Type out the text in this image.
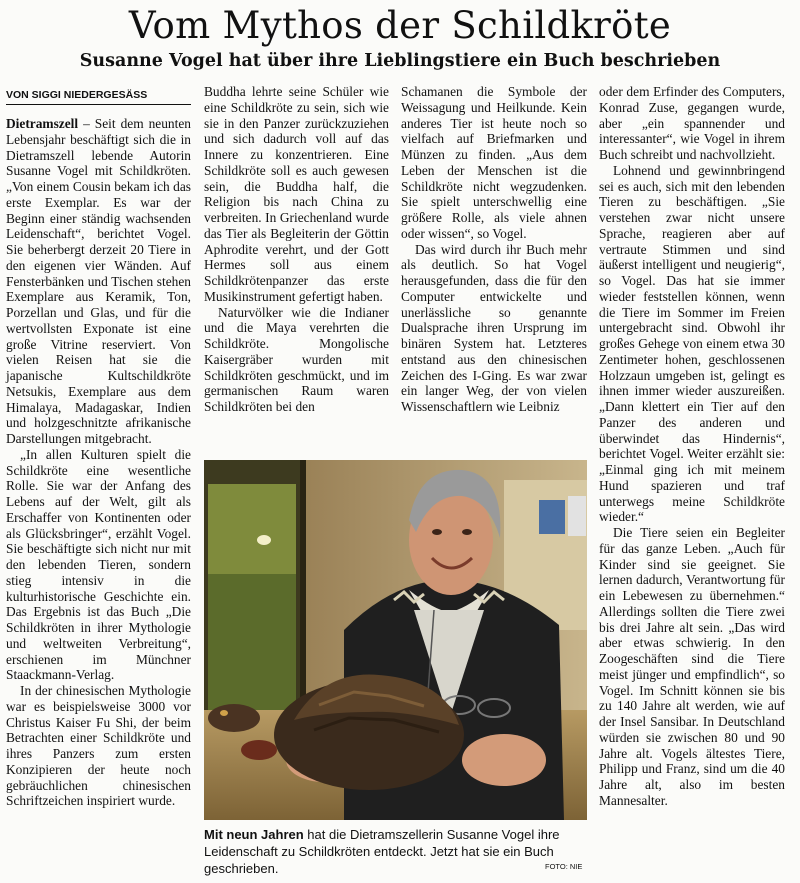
Vom Mythos der Schildkröte
Susanne Vogel hat über ihre Lieblingstiere ein Buch beschrieben
VON SIGGI NIEDERGESÄSS

Dietramszell – Seit dem neunten Lebensjahr beschäftigt sich die in Dietramszell lebende Autorin Susanne Vogel mit Schildkröten. „Von einem Cousin bekam ich das erste Exemplar. Es war der Beginn einer ständig wachsenden Leidenschaft“, berichtet Vogel. Sie beherbergt derzeit 20 Tiere in den eigenen vier Wänden. Auf Fensterbänken und Tischen stehen Exemplare aus Keramik, Ton, Porzellan und Glas, und für die wertvollsten Exponate ist eine große Vitrine reserviert. Von vielen Reisen hat sie die japanische Kultschildkröte Netsukis, Exemplare aus dem Himalaya, Madagaskar, Indien und holzgeschnitzte afrikanische Darstellungen mitgebracht.

„In allen Kulturen spielt die Schildkröte eine wesentliche Rolle. Sie war der Anfang des Lebens auf der Welt, gilt als Erschaffer von Kontinenten oder als Glücksbringer“, erzählt Vogel. Sie beschäftigte sich nicht nur mit den lebenden Tieren, sondern stieg intensiv in die kulturhistorische Geschichte ein. Das Ergebnis ist das Buch „Die Schildkröten in ihrer Mythologie und weltweiten Verbreitung“, erschienen im Münchner Staackmann-Verlag.

In der chinesischen Mythologie war es beispielsweise 3000 vor Christus Kaiser Fu Shi, der beim Betrachten einer Schildkröte und ihres Panzers zum ersten Konzipieren der heute noch gebräuchlichen chinesischen Schriftzeichen inspiriert wurde.

Buddha lehrte seine Schüler wie eine Schildkröte zu sein, sich wie sie in den Panzer zurückzuziehen und sich dadurch voll auf das Innere zu konzentrieren. Eine Schildkröte soll es auch gewesen sein, die Buddha half, die Religion bis nach China zu verbreiten. In Griechenland wurde das Tier als Begleiterin der Göttin Aphrodite verehrt, und der Gott Hermes soll aus einem Schildkrötenpanzer das erste Musikinstrument gefertigt haben.

Naturvölker wie die Indianer und die Maya verehrten die Schildkröte. Mongolische Kaisergräber wurden mit Schildkröten geschmückt, und im germanischen Raum waren Schildkröten bei den

Schamanen die Symbole der Weissagung und Heilkunde. Kein anderes Tier ist heute noch so vielfach auf Briefmarken und Münzen zu finden. „Aus dem Leben der Menschen ist die Schildkröte nicht wegzudenken. Sie spielt unterschwellig eine größere Rolle, als viele ahnen oder wissen“, so Vogel.

Das wird durch ihr Buch mehr als deutlich. So hat Vogel herausgefunden, dass die für den Computer entwickelte und unerlässliche so genannte Dualsprache ihren Ursprung im binären System hat. Letzteres entstand aus den chinesischen Zeichen des I-Ging. Es war zwar ein langer Weg, der von vielen Wissenschaftlern wie Leibniz

oder dem Erfinder des Computers, Konrad Zuse, gegangen wurde, aber „ein spannender und interessanter“, wie Vogel in ihrem Buch schreibt und nachvollzieht.

Lohnend und gewinnbringend sei es auch, sich mit den lebenden Tieren zu beschäftigen. „Sie verstehen zwar nicht unsere Sprache, reagieren aber auf vertraute Stimmen und sind äußerst intelligent und neugierig“, so Vogel. Das hat sie immer wieder feststellen können, wenn die Tiere im Sommer im Freien untergebracht sind. Obwohl ihr großes Gehege von einem etwa 30 Zentimeter hohen, geschlossenen Holzzaun umgeben ist, gelingt es ihnen immer wieder auszureißen. „Dann klettert ein Tier auf den Panzer des anderen und überwindet das Hindernis“, berichtet Vogel. Weiter erzählt sie: „Einmal ging ich mit meinem Hund spazieren und traf unterwegs meine Schildkröte wieder.“

Die Tiere seien ein Begleiter für das ganze Leben. „Auch für Kinder sind sie geeignet. Sie lernen dadurch, Verantwortung für ein Lebewesen zu übernehmen.“ Allerdings sollten die Tiere zwei bis drei Jahre alt sein. „Das wird aber etwas schwierig. In den Zoogeschäften sind die Tiere meist jünger und empfindlich“, so Vogel. Im Schnitt können sie bis zu 140 Jahre alt werden, wie auf der Insel Sansibar. In Deutschland würden sie zwischen 80 und 90 Jahre alt. Vogels ältestes Tiere, Philipp und Franz, sind um die 40 Jahre alt, also im besten Mannesalter.

Mit neun Jahren hat die Dietramszellerin Susanne Vogel ihre Leidenschaft zu Schildkröten entdeckt. Jetzt hat sie ein Buch geschrieben.	FOTO: NIE
